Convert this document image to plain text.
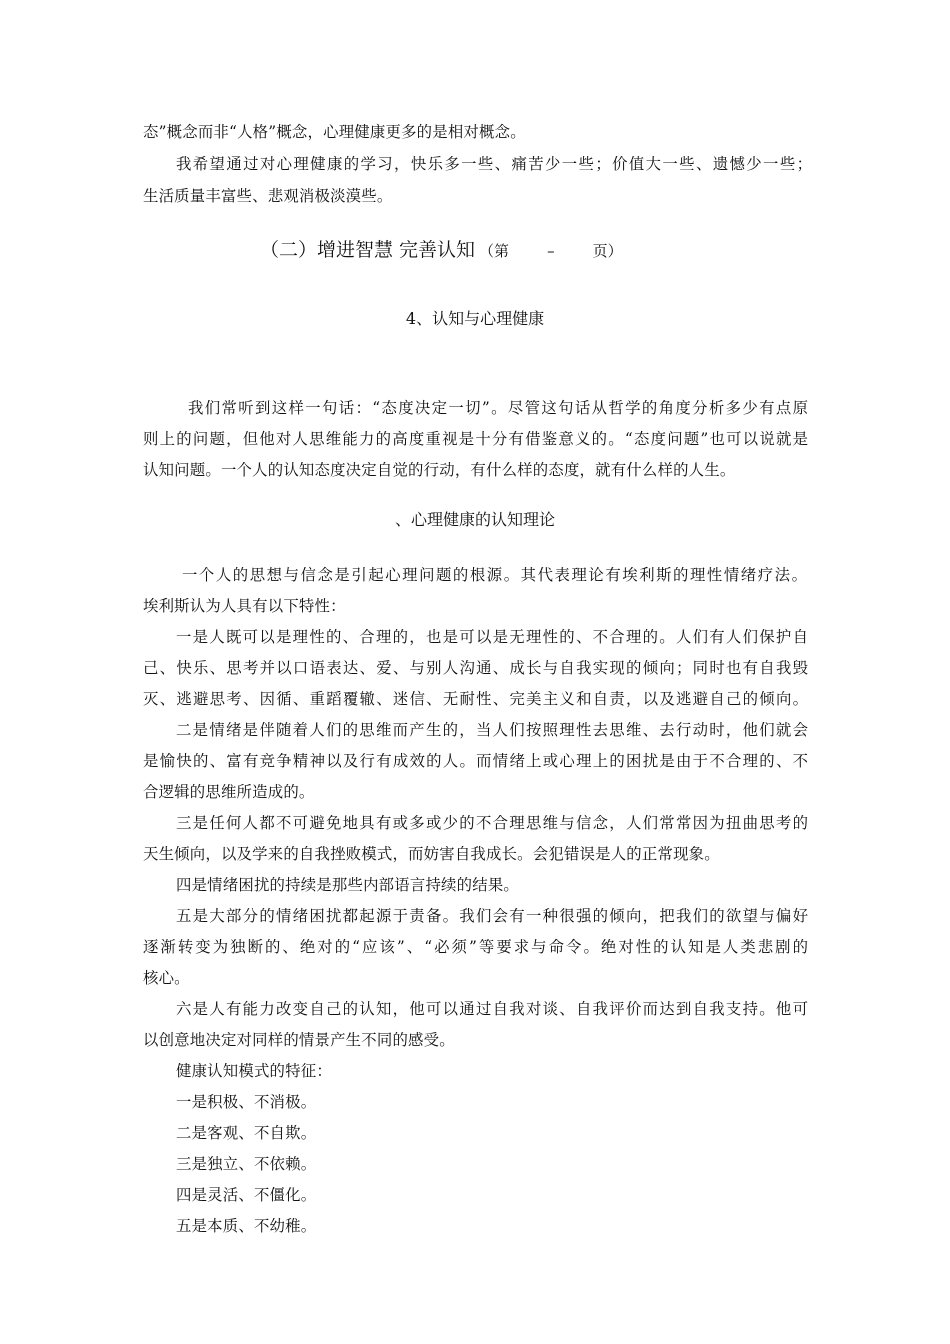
态”概念而非“人格”概念，心理健康更多的是相对概念。
我希望通过对心理健康的学习，快乐多一些、痛苦少一些；价值大一些、遗憾少一些；
生活质量丰富些、悲观消极淡漠些。
（二）增进智慧 完善认知 （第	–	页）
4、认知与心理健康
我们常听到这样一句话：“态度决定一切”。尽管这句话从哲学的角度分析多少有点原
则上的问题，但他对人思维能力的高度重视是十分有借鉴意义的。“态度问题”也可以说就是
认知问题。一个人的认知态度决定自觉的行动，有什么样的态度，就有什么样的人生。
、心理健康的认知理论
一个人的思想与信念是引起心理问题的根源。其代表理论有埃利斯的理性情绪疗法。
埃利斯认为人具有以下特性：
一是人既可以是理性的、合理的，也是可以是无理性的、不合理的。人们有人们保护自
己、快乐、思考并以口语表达、爱、与别人沟通、成长与自我实现的倾向；同时也有自我毁
灭、逃避思考、因循、重蹈覆辙、迷信、无耐性、完美主义和自责，以及逃避自己的倾向。
二是情绪是伴随着人们的思维而产生的，当人们按照理性去思维、去行动时，他们就会
是愉快的、富有竞争精神以及行有成效的人。而情绪上或心理上的困扰是由于不合理的、不
合逻辑的思维所造成的。
三是任何人都不可避免地具有或多或少的不合理思维与信念，人们常常因为扭曲思考的
天生倾向，以及学来的自我挫败模式，而妨害自我成长。会犯错误是人的正常现象。
四是情绪困扰的持续是那些内部语言持续的结果。
五是大部分的情绪困扰都起源于责备。我们会有一种很强的倾向，把我们的欲望与偏好
逐渐转变为独断的、绝对的“应该”、“必须”等要求与命令。绝对性的认知是人类悲剧的
核心。
六是人有能力改变自己的认知，他可以通过自我对谈、自我评价而达到自我支持。他可
以创意地决定对同样的情景产生不同的感受。
健康认知模式的特征：
一是积极、不消极。
二是客观、不自欺。
三是独立、不依赖。
四是灵活、不僵化。
五是本质、不幼稚。
